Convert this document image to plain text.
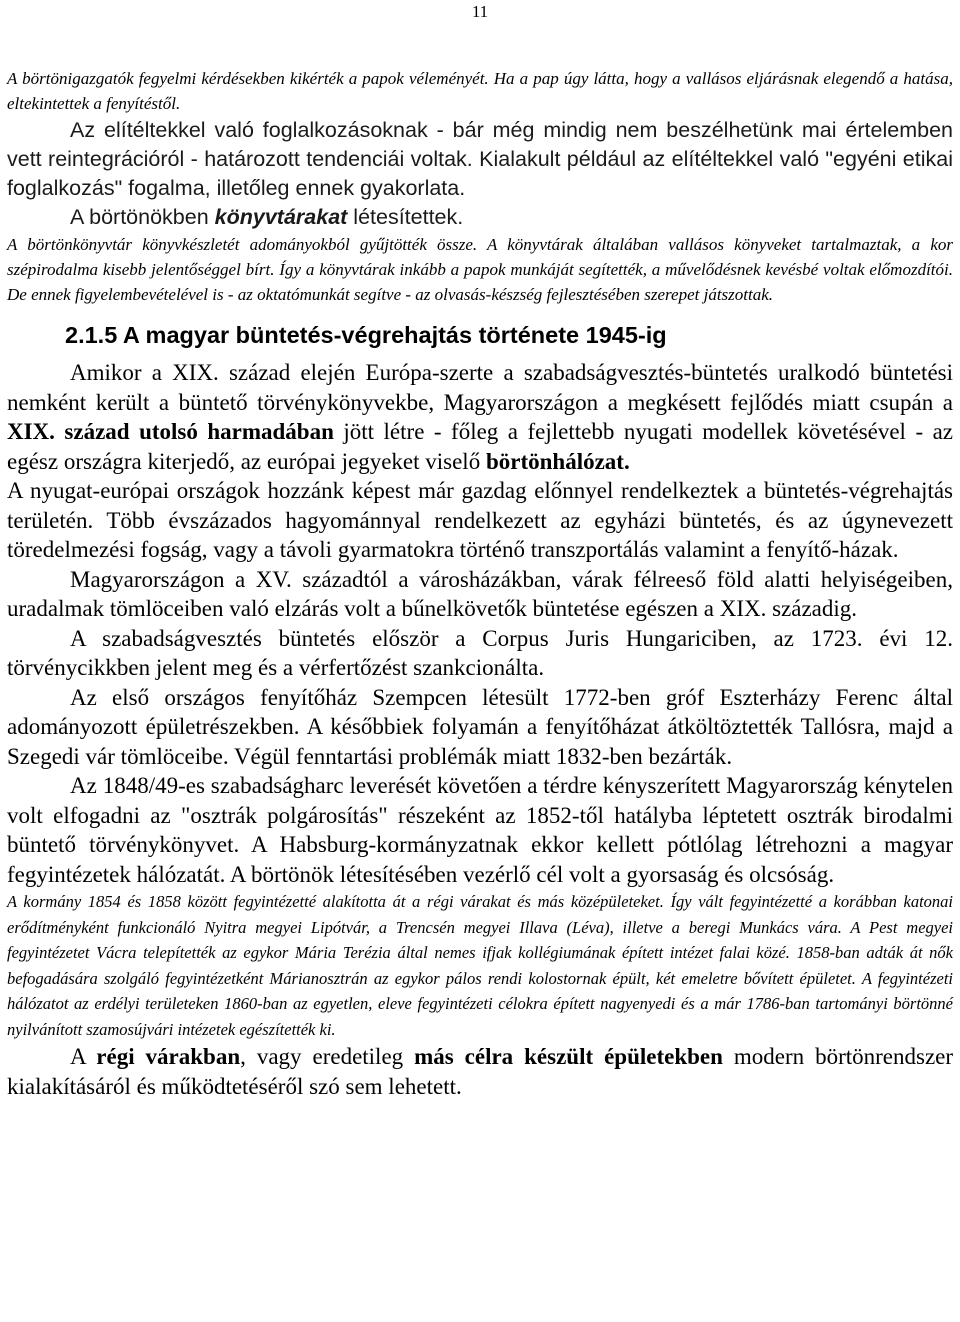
11

A börtönigazgatók fegyelmi kérdésekben kikérték a papok véleményét. Ha a pap úgy látta, hogy a vallásos eljárásnak elegendő a hatása, eltekintettek a fenyítéstől.

Az elítéltekkel való foglalkozásoknak - bár még mindig nem beszélhetünk mai értelemben vett reintegrációról - határozott tendenciái voltak. Kialakult például az elítéltekkel való "egyéni etikai foglalkozás" fogalma, illetőleg ennek gyakorlata.

A börtönökben könyvtárakat létesítettek.

A börtönkönyvtár könyvkészletét adományokból gyűjtötték össze. A könyvtárak általában vallásos könyveket tartalmaztak, a kor szépirodalma kisebb jelentőséggel bírt. Így a könyvtárak inkább a papok munkáját segítették, a művelődésnek kevésbé voltak előmozdítói. De ennek figyelembevételével is - az oktatómunkát segítve - az olvasás-készség fejlesztésében szerepet játszottak.

2.1.5 A magyar büntetés-végrehajtás története 1945-ig

Amikor a XIX. század elején Európa-szerte a szabadságvesztés-büntetés uralkodó büntetési nemként került a büntető törvénykönyvekbe, Magyarországon a megkésett fejlődés miatt csupán a XIX. század utolsó harmadában jött létre - főleg a fejlettebb nyugati modellek követésével - az egész országra kiterjedő, az európai jegyeket viselő börtönhálózat.

A nyugat-európai országok hozzánk képest már gazdag előnnyel rendelkeztek a büntetés-végrehajtás területén. Több évszázados hagyománnyal rendelkezett az egyházi büntetés, és az úgynevezett töredelmezési fogság, vagy a távoli gyarmatokra történő transzportálás valamint a fenyítő-házak.

Magyarországon a XV. századtól a városházákban, várak félreeső föld alatti helyiségeiben, uradalmak tömlöceiben való elzárás volt a bűnelkövetők büntetése egészen a XIX. századig.

A szabadságvesztés büntetés először a Corpus Juris Hungariciben, az 1723. évi 12. törvénycikkben jelent meg és a vérfertőzést szankcionálta.

Az első országos fenyítőház Szempcen létesült 1772-ben gróf Eszterházy Ferenc által adományozott épületrészekben. A későbbiek folyamán a fenyítőházat átköltöztették Tallósra, majd a Szegedi vár tömlöceibe. Végül fenntartási problémák miatt 1832-ben bezárták.

Az 1848/49-es szabadságharc leverését követően a térdre kényszerített Magyarország kénytelen volt elfogadni az "osztrák polgárosítás" részeként az 1852-től hatályba léptetett osztrák birodalmi büntető törvénykönyvet. A Habsburg-kormányzatnak ekkor kellett pótlólag létrehozni a magyar fegyintézetek hálózatát. A börtönök létesítésében vezérlő cél volt a gyorsaság és olcsóság.

A kormány 1854 és 1858 között fegyintézetté alakította át a régi várakat és más középületeket. Így vált fegyintézetté a korábban katonai erődítményként funkcionáló Nyitra megyei Lipótvár, a Trencsén megyei Illava (Léva), illetve a beregi Munkács vára. A Pest megyei fegyintézetet Vácra telepítették az egykor Mária Terézia által nemes ifjak kollégiumának épített intézet falai közé. 1858-ban adták át nők befogadására szolgáló fegyintézetként Márianosztrán az egykor pálos rendi kolostornak épült, két emeletre bővített épületet. A fegyintézeti hálózatot az erdélyi területeken 1860-ban az egyetlen, eleve fegyintézeti célokra épített nagyenyedi és a már 1786-ban tartományi börtönné nyilvánított szamosújvári intézetek egészítették ki.

A régi várakban, vagy eredetileg más célra készült épületekben modern börtönrendszer kialakításáról és működtetéséről szó sem lehetett.
